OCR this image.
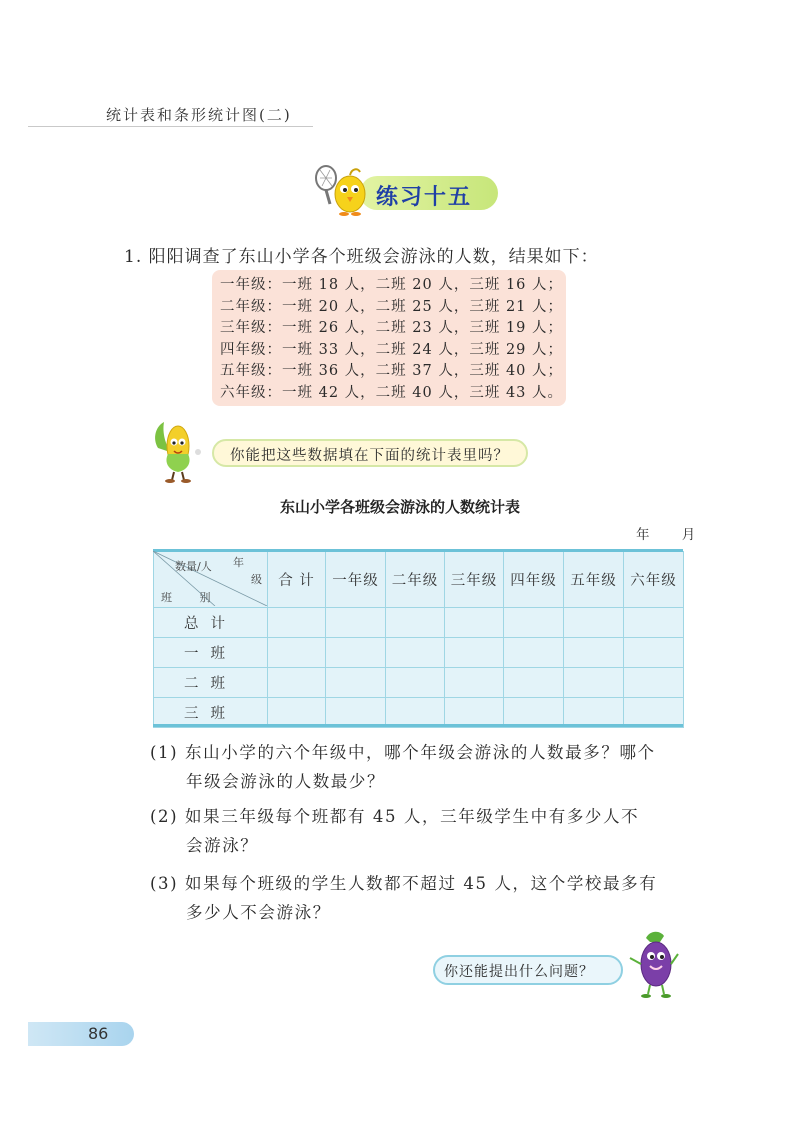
统计表和条形统计图(二)
练习十五
1. 阳阳调查了东山小学各个班级会游泳的人数，结果如下：
一年级：一班 18 人，二班 20 人，三班 16 人；
二年级：一班 20 人，二班 25 人，三班 21 人；
三年级：一班 26 人，二班 23 人，三班 19 人；
四年级：一班 33 人，二班 24 人，三班 29 人；
五年级：一班 36 人，二班 37 人，三班 40 人；
六年级：一班 42 人，二班 40 人，三班 43 人。
你能把这些数据填在下面的统计表里吗？
东山小学各班级会游泳的人数统计表
年 月
	合 计	一年级	二年级	三年级	四年级	五年级	六年级
总计							
一班							
二班							
三班							
年
级
数量/人
班 别
(1) 东山小学的六个年级中，哪个年级会游泳的人数最多？哪个
年级会游泳的人数最少？
(2) 如果三年级每个班都有 45 人，三年级学生中有多少人不
会游泳？
(3) 如果每个班级的学生人数都不超过 45 人，这个学校最多有
多少人不会游泳？
你还能提出什么问题？
86
